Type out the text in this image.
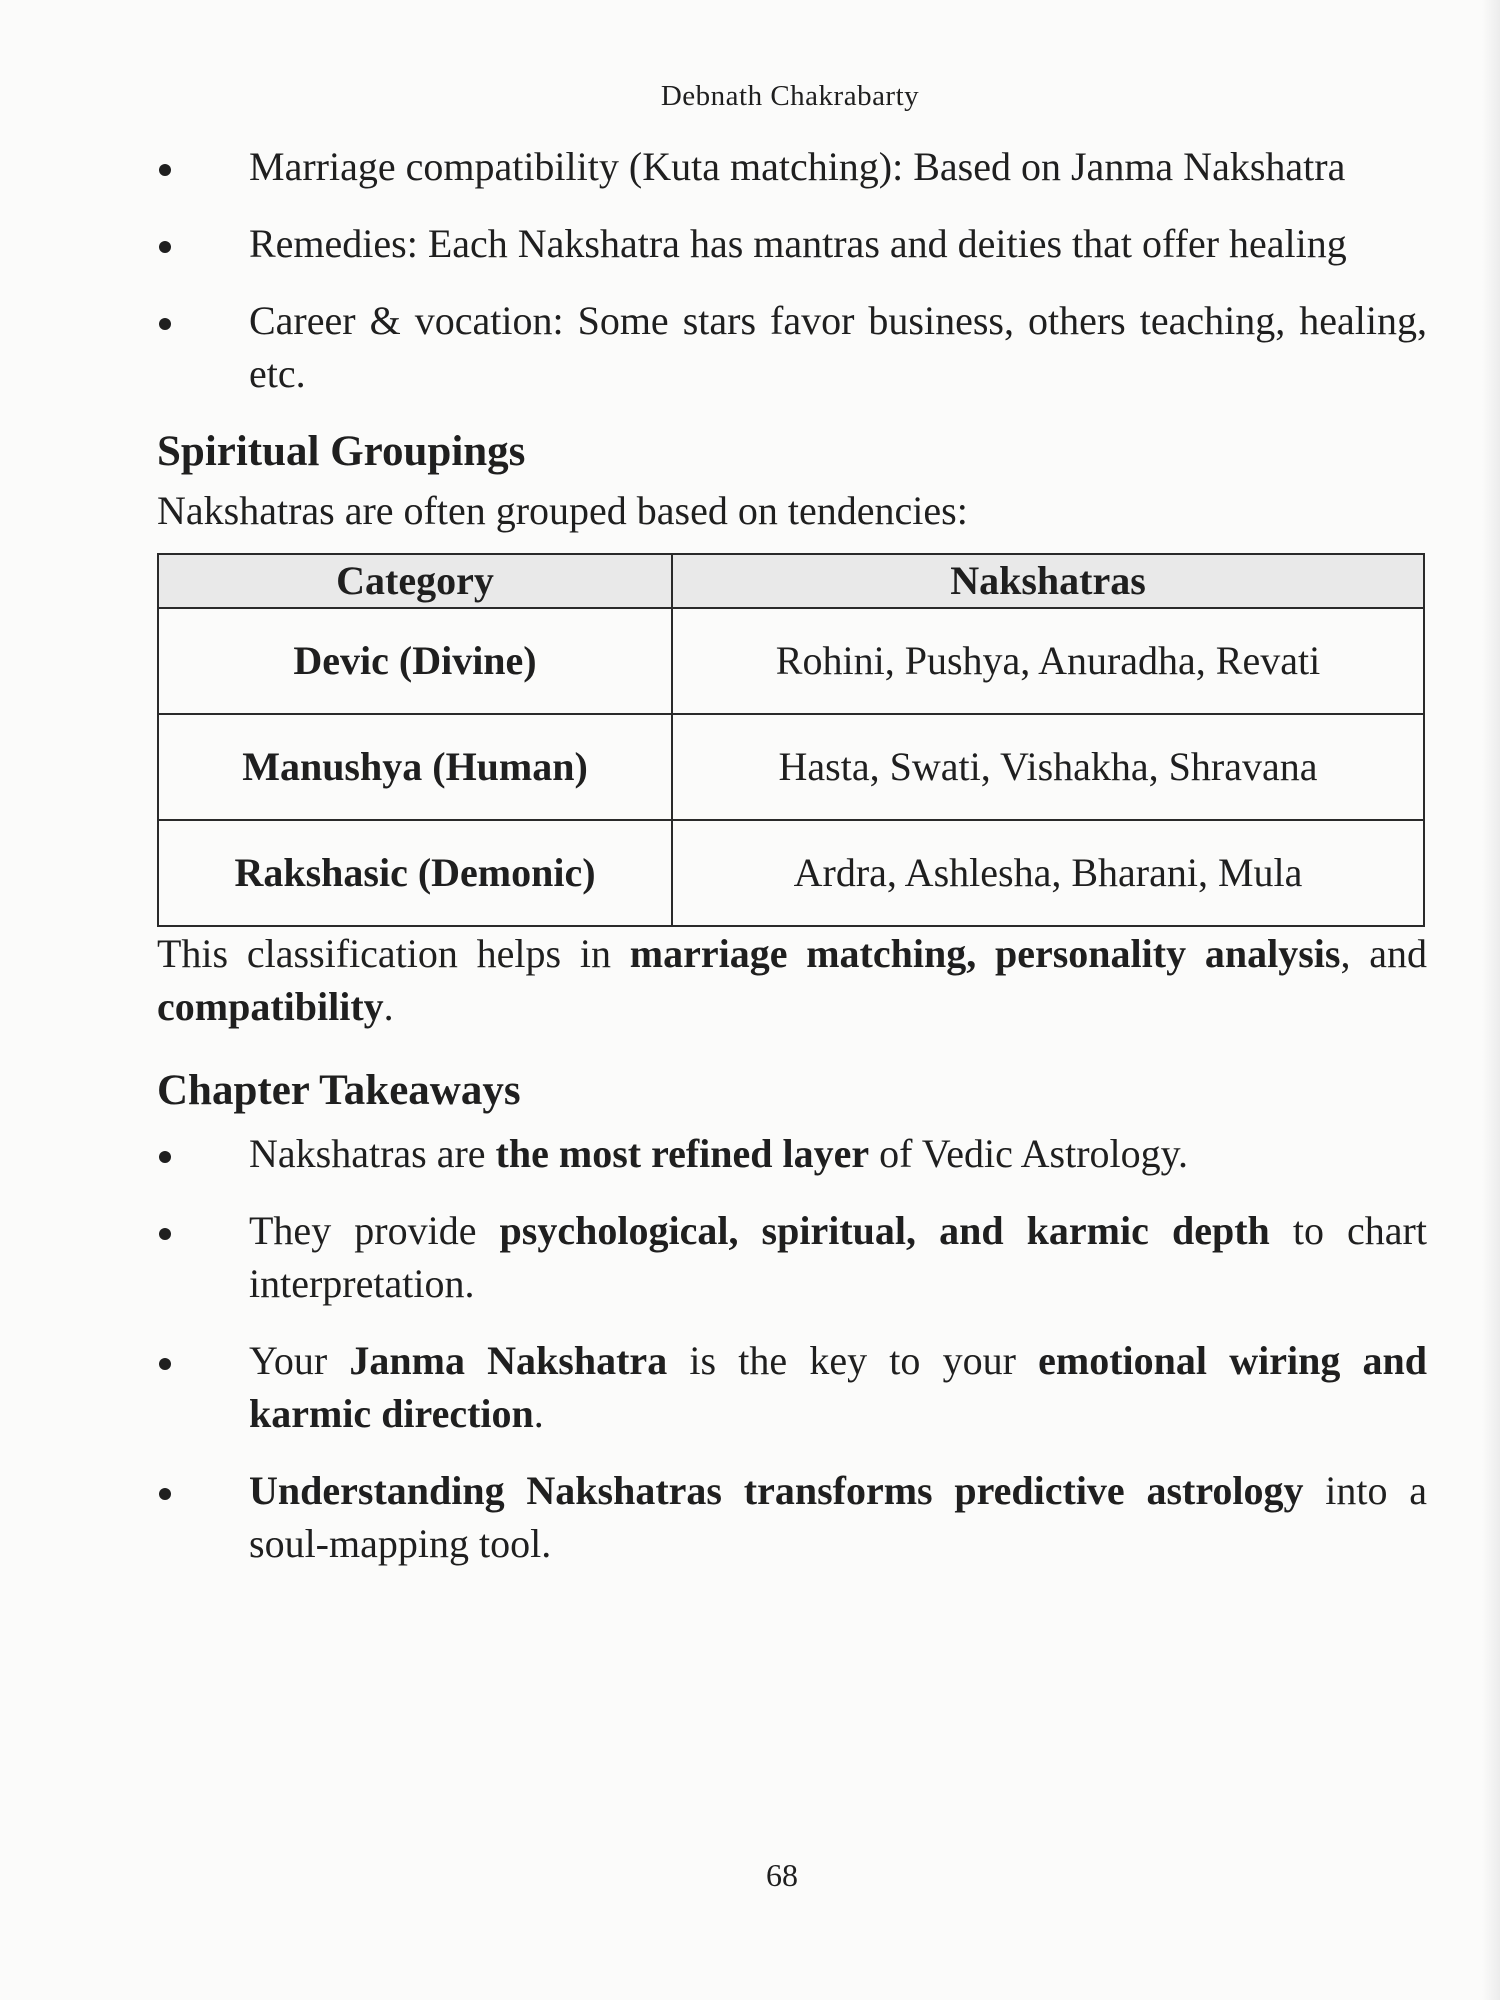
Debnath Chakrabarty
Marriage compatibility (Kuta matching): Based on Janma Nakshatra
Remedies: Each Nakshatra has mantras and deities that offer healing
Career & vocation: Some stars favor business, others teaching, healing, etc.
Spiritual Groupings

Nakshatras are often grouped based on tendencies:

Category	Nakshatras
Devic (Divine)	Rohini, Pushya, Anuradha, Revati
Manushya (Human)	Hasta, Swati, Vishakha, Shravana
Rakshasic (Demonic)	Ardra, Ashlesha, Bharani, Mula

This classification helps in marriage matching, personality analysis, and compatibility.

Chapter Takeaways
Nakshatras are the most refined layer of Vedic Astrology.
They provide psychological, spiritual, and karmic depth to chart interpretation.
Your Janma Nakshatra is the key to your emotional wiring and karmic direction.
Understanding Nakshatras transforms predictive astrology into a soul-mapping tool.
68
